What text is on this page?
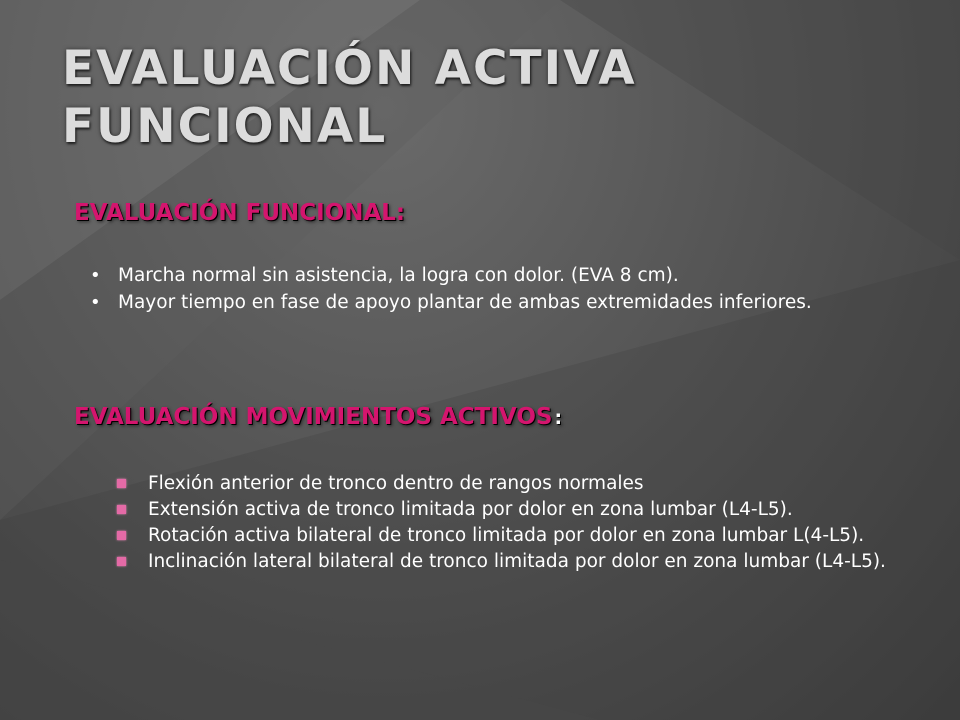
EVALUACIÓN ACTIVA FUNCIONAL
EVALUACIÓN FUNCIONAL:
• Marcha normal sin asistencia, la logra con dolor. (EVA 8 cm).
• Mayor tiempo en fase de apoyo plantar de ambas extremidades inferiores.
EVALUACIÓN MOVIMIENTOS ACTIVOS :
Flexión anterior de tronco dentro de rangos normales
Extensión activa de tronco limitada por dolor en zona lumbar (L4-L5).
Rotación activa bilateral de tronco limitada por dolor en zona lumbar L(4-L5).
Inclinación lateral bilateral de tronco limitada por dolor en zona lumbar (L4-L5).
